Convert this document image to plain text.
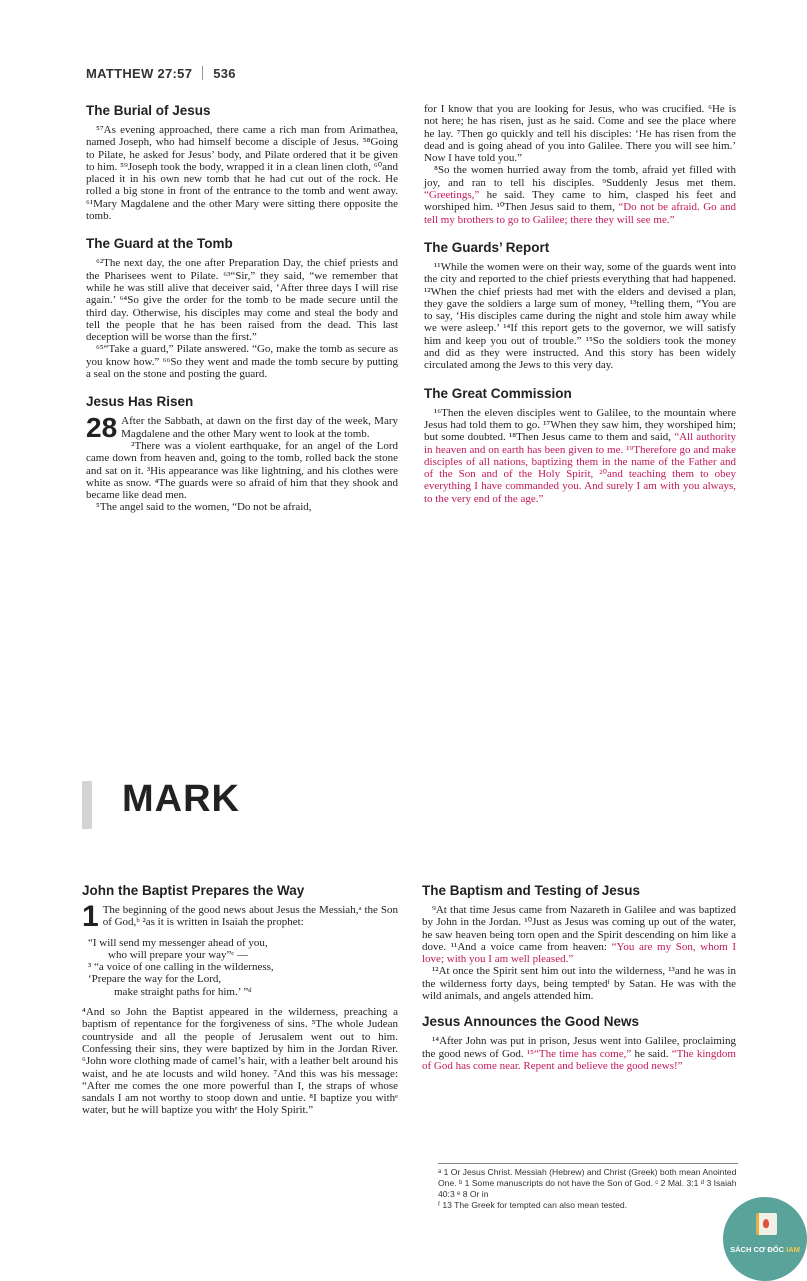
MATTHEW 27:57 536
The Burial of Jesus

⁵⁷As evening approached, there came a rich man from Arimathea, named Joseph, who had himself become a disciple of Jesus. ⁵⁸Going to Pilate, he asked for Jesus’ body, and Pilate ordered that it be given to him. ⁵⁹Joseph took the body, wrapped it in a clean linen cloth, ⁶⁰and placed it in his own new tomb that he had cut out of the rock. He rolled a big stone in front of the entrance to the tomb and went away. ⁶¹Mary Magdalene and the other Mary were sitting there opposite the tomb.

The Guard at the Tomb

⁶²The next day, the one after Preparation Day, the chief priests and the Pharisees went to Pilate. ⁶³“Sir,” they said, “we remember that while he was still alive that deceiver said, ‘After three days I will rise again.’ ⁶⁴So give the order for the tomb to be made secure until the third day. Otherwise, his disciples may come and steal the body and tell the people that he has been raised from the dead. This last deception will be worse than the first.”

⁶⁵“Take a guard,” Pilate answered. “Go, make the tomb as secure as you know how.” ⁶⁶So they went and made the tomb secure by putting a seal on the stone and posting the guard.

Jesus Has Risen

28 After the Sabbath, at dawn on the first day of the week, Mary Magdalene and the other Mary went to look at the tomb.

²There was a violent earthquake, for an angel of the Lord came down from heaven and, going to the tomb, rolled back the stone and sat on it. ³His appearance was like lightning, and his clothes were white as snow. ⁴The guards were so afraid of him that they shook and became like dead men.

⁵The angel said to the women, “Do not be afraid,

for I know that you are looking for Jesus, who was crucified. ⁶He is not here; he has risen, just as he said. Come and see the place where he lay. ⁷Then go quickly and tell his disciples: ‘He has risen from the dead and is going ahead of you into Galilee. There you will see him.’ Now I have told you.”

⁸So the women hurried away from the tomb, afraid yet filled with joy, and ran to tell his disciples. ⁹Suddenly Jesus met them. “Greetings,” he said. They came to him, clasped his feet and worshiped him. ¹⁰Then Jesus said to them, “Do not be afraid. Go and tell my brothers to go to Galilee; there they will see me.”

The Guards’ Report

¹¹While the women were on their way, some of the guards went into the city and reported to the chief priests everything that had happened. ¹²When the chief priests had met with the elders and devised a plan, they gave the soldiers a large sum of money, ¹³telling them, “You are to say, ‘His disciples came during the night and stole him away while we were asleep.’ ¹⁴If this report gets to the governor, we will satisfy him and keep you out of trouble.” ¹⁵So the soldiers took the money and did as they were instructed. And this story has been widely circulated among the Jews to this very day.

The Great Commission

¹⁶Then the eleven disciples went to Galilee, to the mountain where Jesus had told them to go. ¹⁷When they saw him, they worshiped him; but some doubted. ¹⁸Then Jesus came to them and said, “All authority in heaven and on earth has been given to me. ¹⁹Therefore go and make disciples of all nations, baptizing them in the name of the Father and of the Son and of the Holy Spirit, ²⁰and teaching them to obey everything I have commanded you. And surely I am with you always, to the very end of the age.”

MARK
John the Baptist Prepares the Way

1 The beginning of the good news about Jesus the Messiah,ᵃ the Son of God,ᵇ ²as it is written in Isaiah the prophet:

“I will send my messenger ahead of you,
who will prepare your way”ᶜ —
³ “a voice of one calling in the wilderness,
‘Prepare the way for the Lord,
make straight paths for him.’ ”ᵈ

⁴And so John the Baptist appeared in the wilderness, preaching a baptism of repentance for the forgiveness of sins. ⁵The whole Judean countryside and all the people of Jerusalem went out to him. Confessing their sins, they were baptized by him in the Jordan River. ⁶John wore clothing made of camel’s hair, with a leather belt around his waist, and he ate locusts and wild honey. ⁷And this was his message: “After me comes the one more powerful than I, the straps of whose sandals I am not worthy to stoop down and untie. ⁸I baptize you withᵉ water, but he will baptize you withᵉ the Holy Spirit.”

The Baptism and Testing of Jesus

⁹At that time Jesus came from Nazareth in Galilee and was baptized by John in the Jordan. ¹⁰Just as Jesus was coming up out of the water, he saw heaven being torn open and the Spirit descending on him like a dove. ¹¹And a voice came from heaven: “You are my Son, whom I love; with you I am well pleased.”

¹²At once the Spirit sent him out into the wilderness, ¹³and he was in the wilderness forty days, being temptedᶠ by Satan. He was with the wild animals, and angels attended him.

Jesus Announces the Good News

¹⁴After John was put in prison, Jesus went into Galilee, proclaiming the good news of God. ¹⁵“The time has come,” he said. “The kingdom of God has come near. Repent and believe the good news!”

ᵃ 1 Or Jesus Christ. Messiah (Hebrew) and Christ (Greek) both mean Anointed One. ᵇ 1 Some manuscripts do not have the Son of God. ᶜ 2 Mal. 3:1 ᵈ 3 Isaiah 40:3 ᵉ 8 Or in
ᶠ 13 The Greek for tempted can also mean tested.
SÁCH CƠ ĐỐC IAM
